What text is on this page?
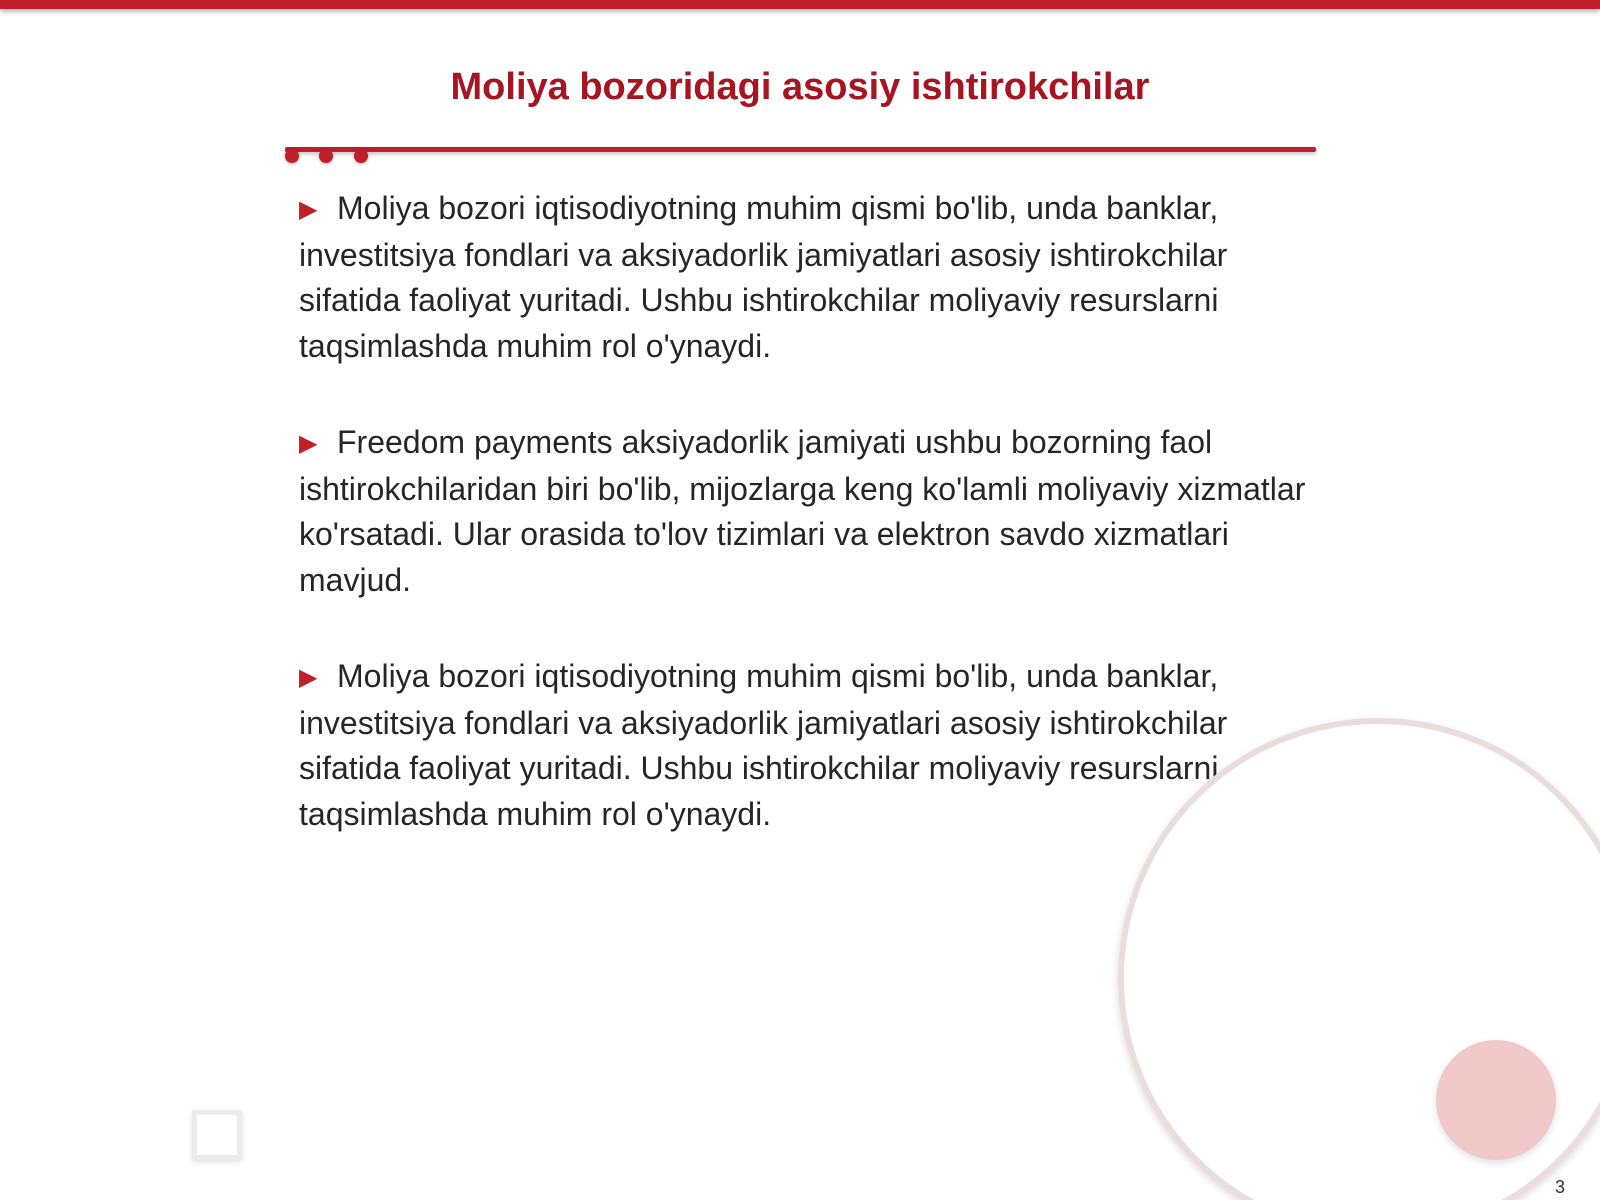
Moliya bozoridagi asosiy ishtirokchilar

▶ Moliya bozori iqtisodiyotning muhim qismi bo'lib, unda banklar, investitsiya fondlari va aksiyadorlik jamiyatlari asosiy ishtirokchilar sifatida faoliyat yuritadi. Ushbu ishtirokchilar moliyaviy resurslarni taqsimlashda muhim rol o'ynaydi.

▶ Freedom payments aksiyadorlik jamiyati ushbu bozorning faol ishtirokchilaridan biri bo'lib, mijozlarga keng ko'lamli moliyaviy xizmatlar ko'rsatadi. Ular orasida to'lov tizimlari va elektron savdo xizmatlari mavjud.

▶ Moliya bozori iqtisodiyotning muhim qismi bo'lib, unda banklar, investitsiya fondlari va aksiyadorlik jamiyatlari asosiy ishtirokchilar sifatida faoliyat yuritadi. Ushbu ishtirokchilar moliyaviy resurslarni taqsimlashda muhim rol o'ynaydi.

3
